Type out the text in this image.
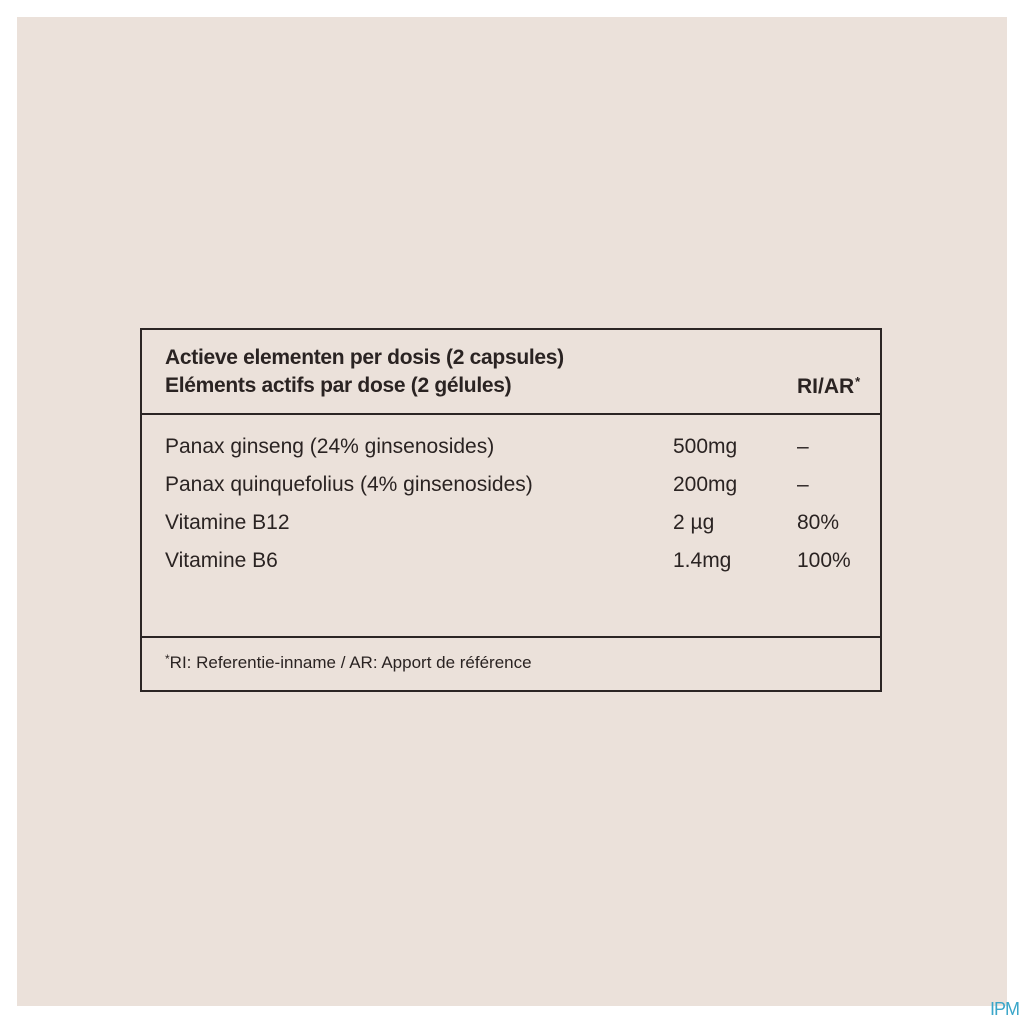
Actieve elementen per dosis (2 capsules)
Eléments actifs par dose (2 gélules)	RI/AR*
Panax ginseng (24% ginsenosides)	500mg	–
Panax quinquefolius (4% ginsenosides)	200mg	–
Vitamine B12	2 µg	80%
Vitamine B6	1.4mg	100%
*RI: Referentie-inname / AR: Apport de référence
IPM
